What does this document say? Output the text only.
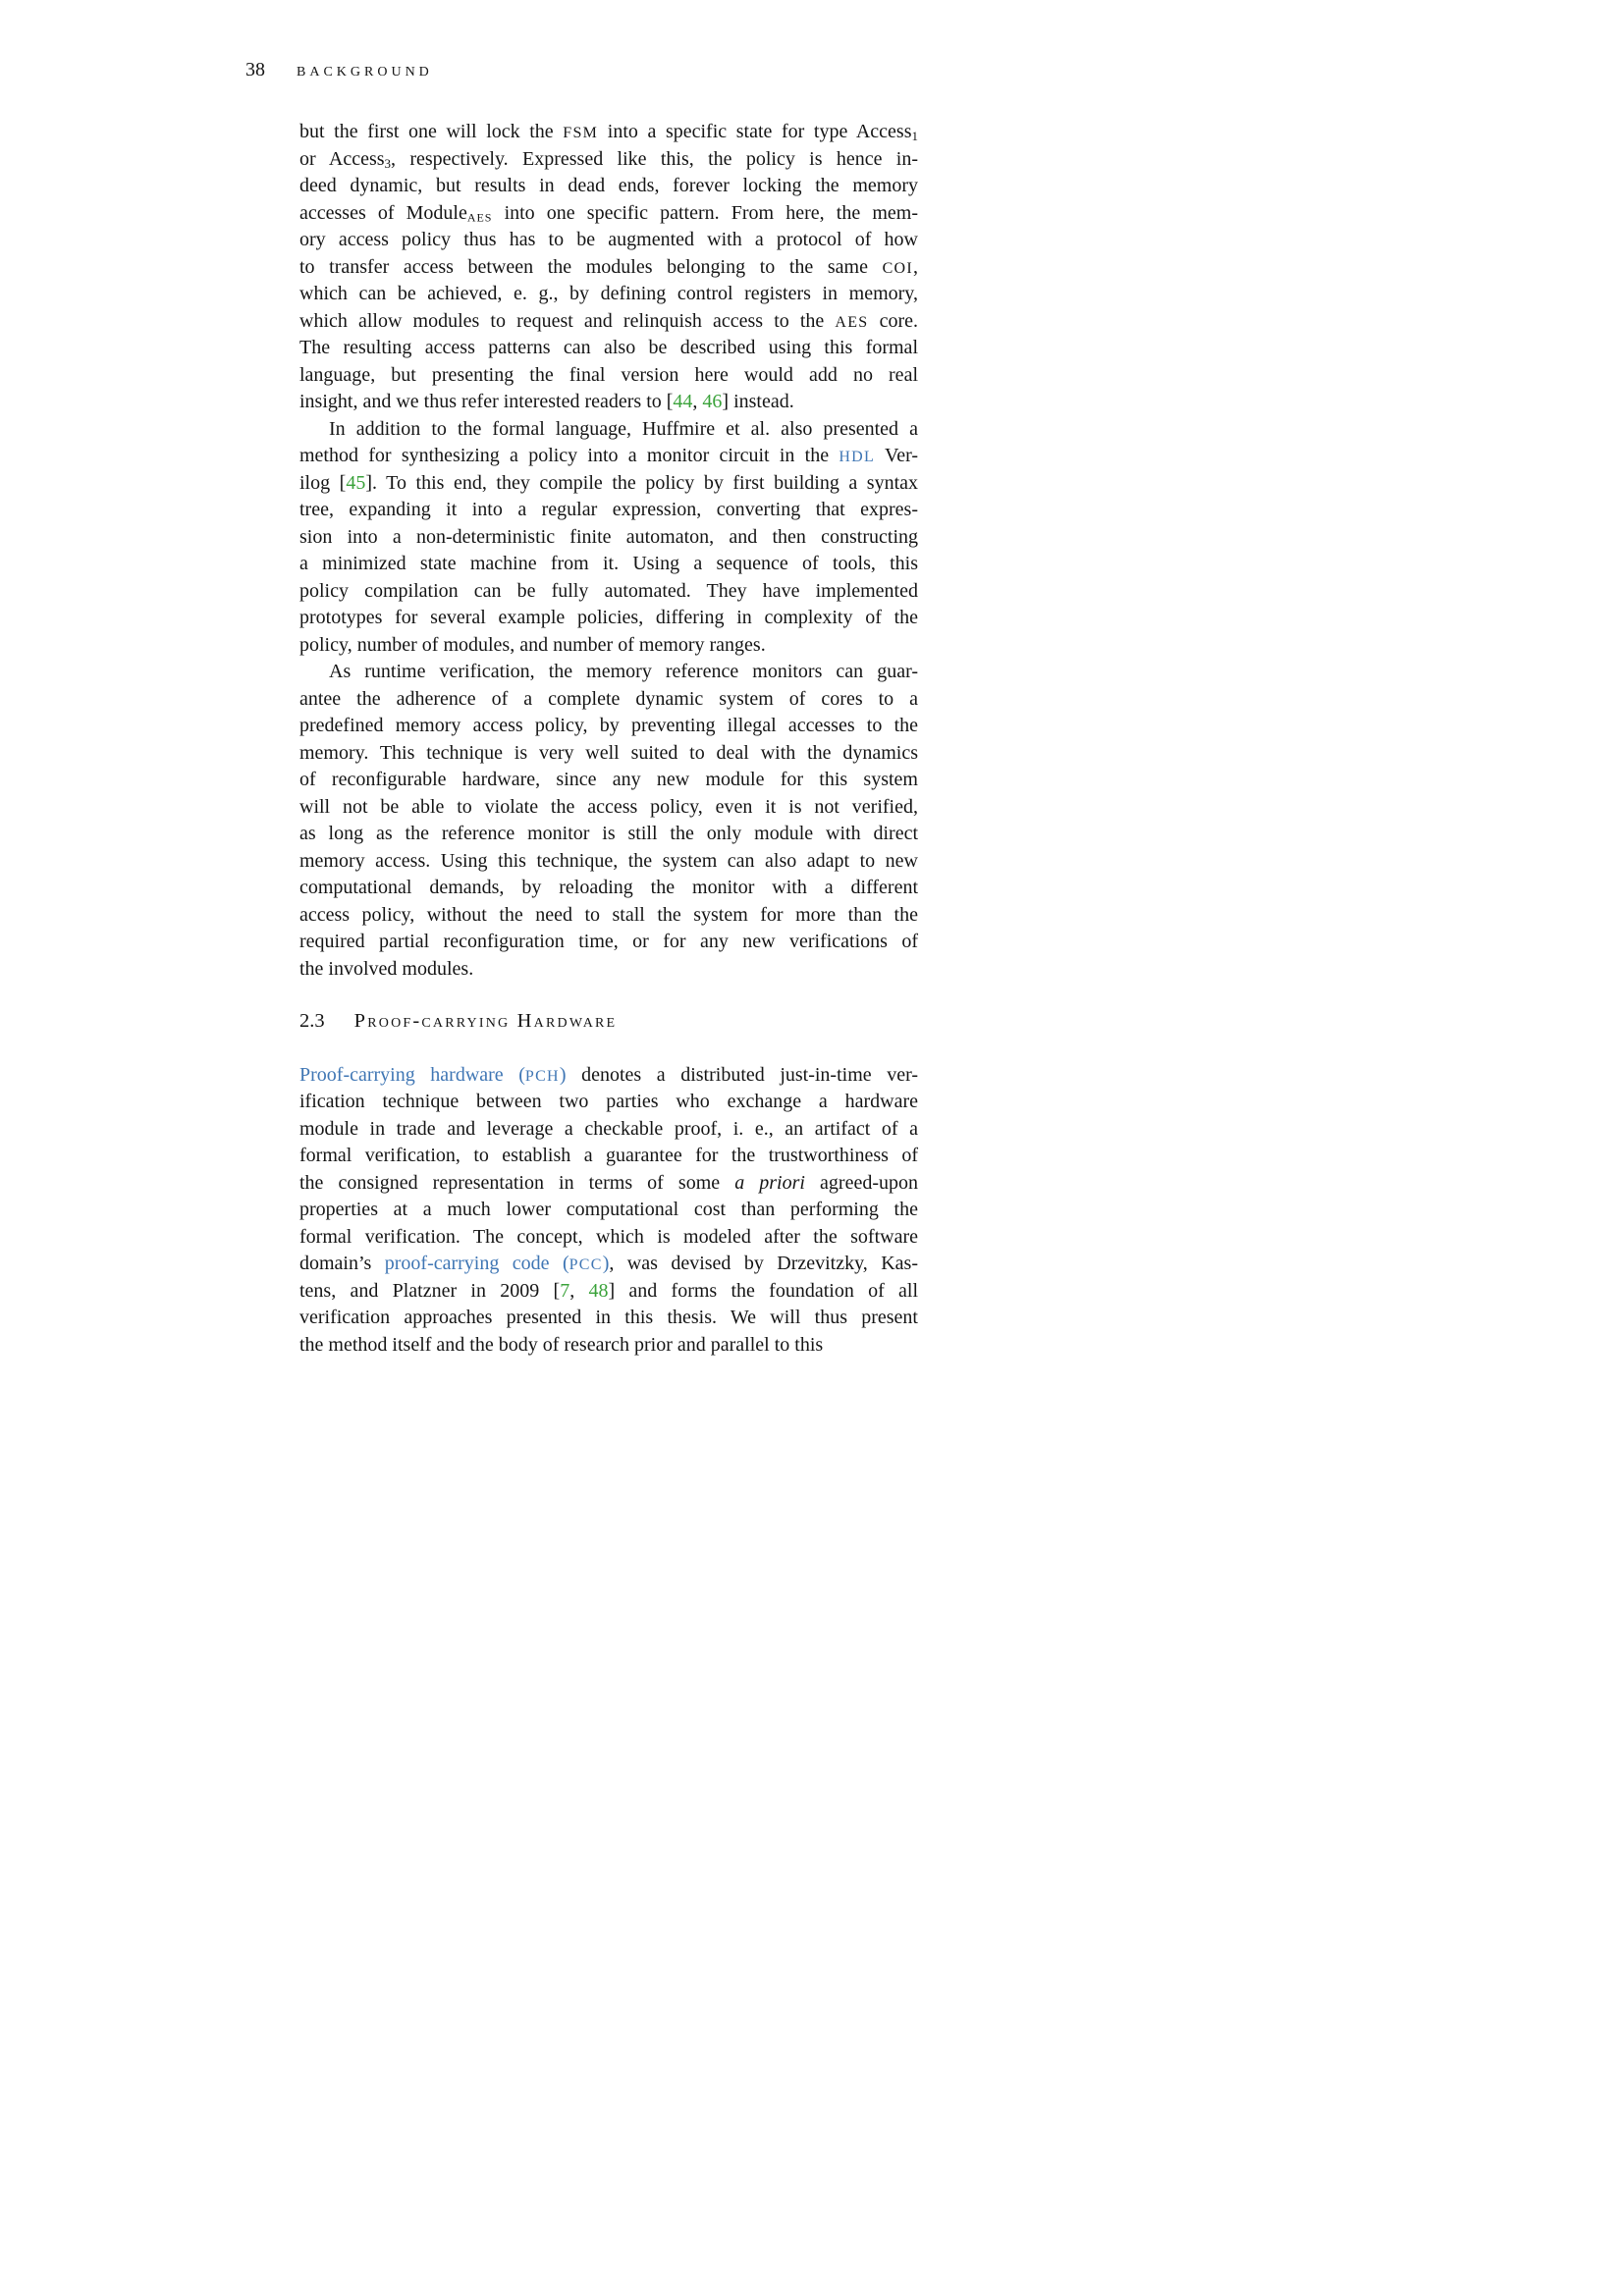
38 background
but the first one will lock the FSM into a specific state for type Access$_1$
or Access$_3$, respectively. Expressed like this, the policy is hence in-
deed dynamic, but results in dead ends, forever locking the memory
accesses of ModuleAES into one specific pattern. From here, the mem-
ory access policy thus has to be augmented with a protocol of how
to transfer access between the modules belonging to the same COI,
which can be achieved, e. g., by defining control registers in memory,
which allow modules to request and relinquish access to the AES core.
The resulting access patterns can also be described using this formal
language, but presenting the final version here would add no real
insight, and we thus refer interested readers to [44, 46] instead.
In addition to the formal language, Huffmire et al. also presented a
method for synthesizing a policy into a monitor circuit in the HDL Ver-
ilog [45]. To this end, they compile the policy by first building a syntax
tree, expanding it into a regular expression, converting that expres-
sion into a non-deterministic finite automaton, and then constructing
a minimized state machine from it. Using a sequence of tools, this
policy compilation can be fully automated. They have implemented
prototypes for several example policies, differing in complexity of the
policy, number of modules, and number of memory ranges.
As runtime verification, the memory reference monitors can guar-
antee the adherence of a complete dynamic system of cores to a
predefined memory access policy, by preventing illegal accesses to the
memory. This technique is very well suited to deal with the dynamics
of reconfigurable hardware, since any new module for this system
will not be able to violate the access policy, even it is not verified,
as long as the reference monitor is still the only module with direct
memory access. Using this technique, the system can also adapt to new
computational demands, by reloading the monitor with a different
access policy, without the need to stall the system for more than the
required partial reconfiguration time, or for any new verifications of
the involved modules.
2.3 Proof-carrying Hardware
Proof-carrying hardware (PCH) denotes a distributed just-in-time ver-
ification technique between two parties who exchange a hardware
module in trade and leverage a checkable proof, i. e., an artifact of a
formal verification, to establish a guarantee for the trustworthiness of
the consigned representation in terms of some a priori agreed-upon
properties at a much lower computational cost than performing the
formal verification. The concept, which is modeled after the software
domain’s proof-carrying code (PCC), was devised by Drzevitzky, Kas-
tens, and Platzner in 2009 [7, 48] and forms the foundation of all
verification approaches presented in this thesis. We will thus present
the method itself and the body of research prior and parallel to this
